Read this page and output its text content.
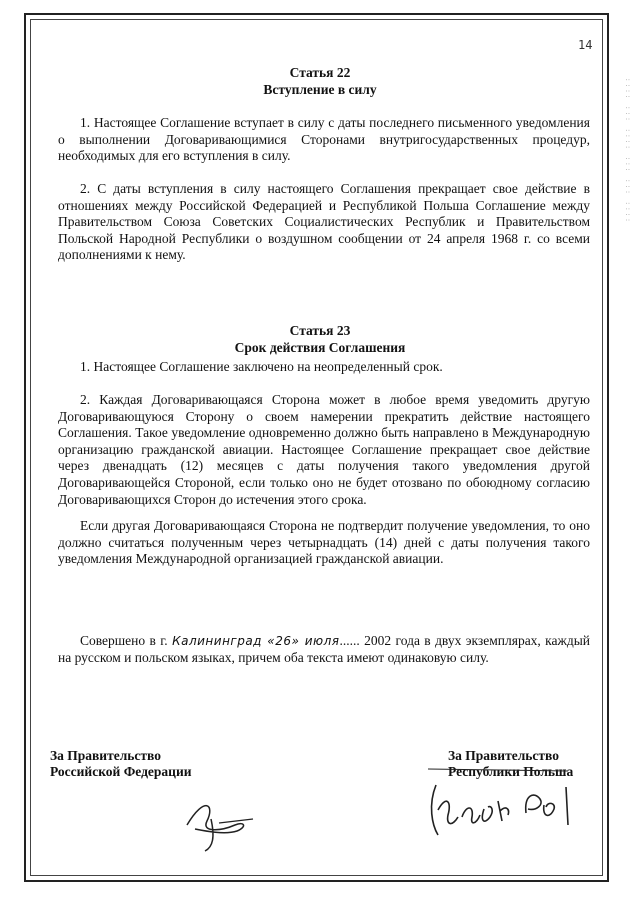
14
:::: ::: :::: ::: ::: ::::

Статья 22

Вступление в силу

1. Настоящее Соглашение вступает в силу с даты последнего письменного уведомления о выполнении Договаривающимися Сторонами внутригосударственных процедур, необходимых для его вступления в силу.

2. С даты вступления в силу настоящего Соглашения прекращает свое действие в отношениях между Российской Федерацией и Республикой Польша Соглашение между Правительством Союза Советских Социалистических Республик и Правительством Польской Народной Республики о воздушном сообщении от 24 апреля 1968 г. со всеми дополнениями к нему.

Статья 23

Срок действия Соглашения

1. Настоящее Соглашение заключено на неопределенный срок.

2. Каждая Договаривающаяся Сторона может в любое время уведомить другую Договаривающуюся Сторону о своем намерении прекратить действие настоящего Соглашения. Такое уведомление одновременно должно быть направлено в Международную организацию гражданской авиации. Настоящее Соглашение прекращает свое действие через двенадцать (12) месяцев с даты получения такого уведомления другой Договаривающейся Стороной, если только оно не будет отозвано по обоюдному согласию Договаривающихся Сторон до истечения этого срока.

Если другая Договаривающаяся Сторона не подтвердит получение уведомления, то оно должно считаться полученным через четырнадцать (14) дней с даты получения такого уведомления Международной организацией гражданской авиации.

Совершено в г. Калининград «26» июля...... 2002 года в двух экземплярах, каждый на русском и польском языках, причем оба текста имеют одинаковую силу.

За Правительство
Российской Федерации
За Правительство
Республики Польша
